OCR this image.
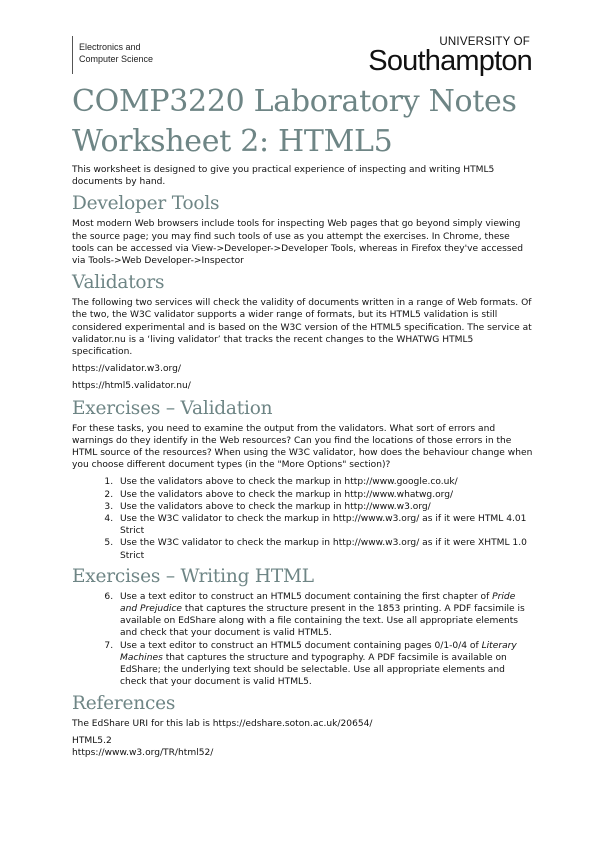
Electronics and
Computer Science
UNIVERSITY OF
Southampton
COMP3220 Laboratory Notes
Worksheet 2: HTML5

This worksheet is designed to give you practical experience of inspecting and writing HTML5 documents by hand.

Developer Tools

Most modern Web browsers include tools for inspecting Web pages that go beyond simply viewing the source page; you may find such tools of use as you attempt the exercises. In Chrome, these tools can be accessed via View->Developer->Developer Tools, whereas in Firefox they've accessed via Tools->Web Developer->Inspector

Validators

The following two services will check the validity of documents written in a range of Web formats. Of the two, the W3C validator supports a wider range of formats, but its HTML5 validation is still considered experimental and is based on the W3C version of the HTML5 specification. The service at validator.nu is a ‘living validator’ that tracks the recent changes to the WHATWG HTML5 specification.

https://validator.w3.org/

https://html5.validator.nu/

Exercises – Validation

For these tasks, you need to examine the output from the validators. What sort of errors and warnings do they identify in the Web resources? Can you find the locations of those errors in the HTML source of the resources? When using the W3C validator, how does the behaviour change when you choose different document types (in the "More Options" section)?

1. Use the validators above to check the markup in http://www.google.co.uk/
2. Use the validators above to check the markup in http://www.whatwg.org/
3. Use the validators above to check the markup in http://www.w3.org/
4. Use the W3C validator to check the markup in http://www.w3.org/ as if it were HTML 4.01 Strict
5. Use the W3C validator to check the markup in http://www.w3.org/ as if it were XHTML 1.0 Strict
Exercises – Writing HTML
6. Use a text editor to construct an HTML5 document containing the first chapter of Pride and Prejudice that captures the structure present in the 1853 printing. A PDF facsimile is available on EdShare along with a file containing the text. Use all appropriate elements and check that your document is valid HTML5.
7. Use a text editor to construct an HTML5 document containing pages 0/1-0/4 of Literary Machines that captures the structure and typography. A PDF facsimile is available on EdShare; the underlying text should be selectable. Use all appropriate elements and check that your document is valid HTML5.
References

The EdShare URI for this lab is https://edshare.soton.ac.uk/20654/

HTML5.2

https://www.w3.org/TR/html52/
